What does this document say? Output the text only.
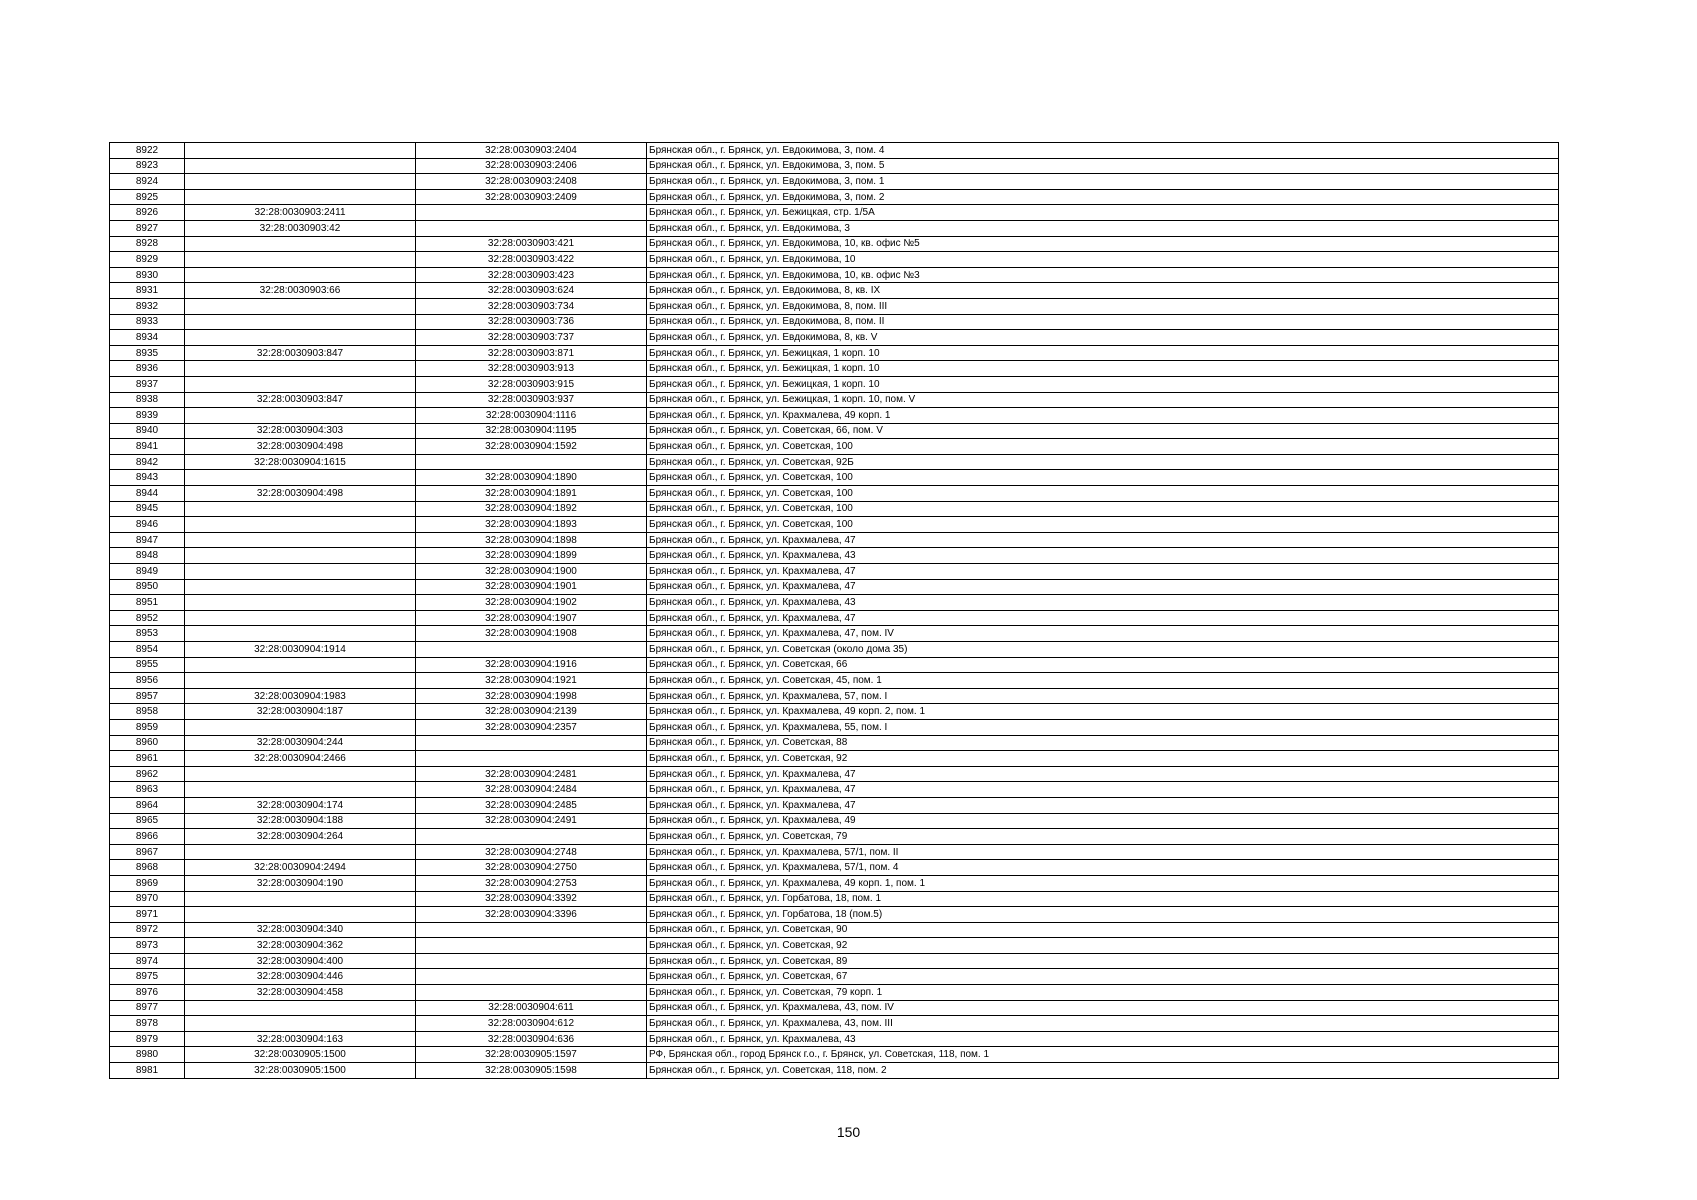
8922		32:28:0030903:2404	Брянская обл., г. Брянск, ул. Евдокимова, 3, пом. 4
8923		32:28:0030903:2406	Брянская обл., г. Брянск, ул. Евдокимова, 3, пом. 5
8924		32:28:0030903:2408	Брянская обл., г. Брянск, ул. Евдокимова, 3, пом. 1
8925		32:28:0030903:2409	Брянская обл., г. Брянск, ул. Евдокимова, 3, пом. 2
8926	32:28:0030903:2411		Брянская обл., г. Брянск, ул. Бежицкая, стр. 1/5А
8927	32:28:0030903:42		Брянская обл., г. Брянск, ул. Евдокимова, 3
8928		32:28:0030903:421	Брянская обл., г. Брянск, ул. Евдокимова, 10, кв. офис №5
8929		32:28:0030903:422	Брянская обл., г. Брянск, ул. Евдокимова, 10
8930		32:28:0030903:423	Брянская обл., г. Брянск, ул. Евдокимова, 10, кв. офис №3
8931	32:28:0030903:66	32:28:0030903:624	Брянская обл., г. Брянск, ул. Евдокимова, 8, кв. IX
8932		32:28:0030903:734	Брянская обл., г. Брянск, ул. Евдокимова, 8, пом. III
8933		32:28:0030903:736	Брянская обл., г. Брянск, ул. Евдокимова, 8, пом. II
8934		32:28:0030903:737	Брянская обл., г. Брянск, ул. Евдокимова, 8, кв. V
8935	32:28:0030903:847	32:28:0030903:871	Брянская обл., г. Брянск, ул. Бежицкая, 1 корп. 10
8936		32:28:0030903:913	Брянская обл., г. Брянск, ул. Бежицкая, 1 корп. 10
8937		32:28:0030903:915	Брянская обл., г. Брянск, ул. Бежицкая, 1 корп. 10
8938	32:28:0030903:847	32:28:0030903:937	Брянская обл., г. Брянск, ул. Бежицкая, 1 корп. 10, пом. V
8939		32:28:0030904:1116	Брянская обл., г. Брянск, ул. Крахмалева, 49 корп. 1
8940	32:28:0030904:303	32:28:0030904:1195	Брянская обл., г. Брянск, ул. Советская, 66, пом. V
8941	32:28:0030904:498	32:28:0030904:1592	Брянская обл., г. Брянск, ул. Советская, 100
8942	32:28:0030904:1615		Брянская обл., г. Брянск, ул. Советская, 92Б
8943		32:28:0030904:1890	Брянская обл., г. Брянск, ул. Советская, 100
8944	32:28:0030904:498	32:28:0030904:1891	Брянская обл., г. Брянск, ул. Советская, 100
8945		32:28:0030904:1892	Брянская обл., г. Брянск, ул. Советская, 100
8946		32:28:0030904:1893	Брянская обл., г. Брянск, ул. Советская, 100
8947		32:28:0030904:1898	Брянская обл., г. Брянск, ул. Крахмалева, 47
8948		32:28:0030904:1899	Брянская обл., г. Брянск, ул. Крахмалева, 43
8949		32:28:0030904:1900	Брянская обл., г. Брянск, ул. Крахмалева, 47
8950		32:28:0030904:1901	Брянская обл., г. Брянск, ул. Крахмалева, 47
8951		32:28:0030904:1902	Брянская обл., г. Брянск, ул. Крахмалева, 43
8952		32:28:0030904:1907	Брянская обл., г. Брянск, ул. Крахмалева, 47
8953		32:28:0030904:1908	Брянская обл., г. Брянск, ул. Крахмалева, 47, пом. IV
8954	32:28:0030904:1914		Брянская обл., г. Брянск, ул. Советская (около дома 35)
8955		32:28:0030904:1916	Брянская обл., г. Брянск, ул. Советская, 66
8956		32:28:0030904:1921	Брянская обл., г. Брянск, ул. Советская, 45, пом. 1
8957	32:28:0030904:1983	32:28:0030904:1998	Брянская обл., г. Брянск, ул. Крахмалева, 57, пом. I
8958	32:28:0030904:187	32:28:0030904:2139	Брянская обл., г. Брянск, ул. Крахмалева, 49 корп. 2, пом. 1
8959		32:28:0030904:2357	Брянская обл., г. Брянск, ул. Крахмалева, 55, пом. I
8960	32:28:0030904:244		Брянская обл., г. Брянск, ул. Советская, 88
8961	32:28:0030904:2466		Брянская обл., г. Брянск, ул. Советская, 92
8962		32:28:0030904:2481	Брянская обл., г. Брянск, ул. Крахмалева, 47
8963		32:28:0030904:2484	Брянская обл., г. Брянск, ул. Крахмалева, 47
8964	32:28:0030904:174	32:28:0030904:2485	Брянская обл., г. Брянск, ул. Крахмалева, 47
8965	32:28:0030904:188	32:28:0030904:2491	Брянская обл., г. Брянск, ул. Крахмалева, 49
8966	32:28:0030904:264		Брянская обл., г. Брянск, ул. Советская, 79
8967		32:28:0030904:2748	Брянская обл., г. Брянск, ул. Крахмалева, 57/1, пом. II
8968	32:28:0030904:2494	32:28:0030904:2750	Брянская обл., г. Брянск, ул. Крахмалева, 57/1, пом. 4
8969	32:28:0030904:190	32:28:0030904:2753	Брянская обл., г. Брянск, ул. Крахмалева, 49 корп. 1, пом. 1
8970		32:28:0030904:3392	Брянская обл., г. Брянск, ул. Горбатова, 18, пом. 1
8971		32:28:0030904:3396	Брянская обл., г. Брянск, ул. Горбатова, 18 (пом.5)
8972	32:28:0030904:340		Брянская обл., г. Брянск, ул. Советская, 90
8973	32:28:0030904:362		Брянская обл., г. Брянск, ул. Советская, 92
8974	32:28:0030904:400		Брянская обл., г. Брянск, ул. Советская, 89
8975	32:28:0030904:446		Брянская обл., г. Брянск, ул. Советская, 67
8976	32:28:0030904:458		Брянская обл., г. Брянск, ул. Советская, 79 корп. 1
8977		32:28:0030904:611	Брянская обл., г. Брянск, ул. Крахмалева, 43, пом. IV
8978		32:28:0030904:612	Брянская обл., г. Брянск, ул. Крахмалева, 43, пом. III
8979	32:28:0030904:163	32:28:0030904:636	Брянская обл., г. Брянск, ул. Крахмалева, 43
8980	32:28:0030905:1500	32:28:0030905:1597	РФ, Брянская обл., город Брянск г.о., г. Брянск, ул. Советская, 118, пом. 1
8981	32:28:0030905:1500	32:28:0030905:1598	Брянская обл., г. Брянск, ул. Советская, 118, пом. 2
150
